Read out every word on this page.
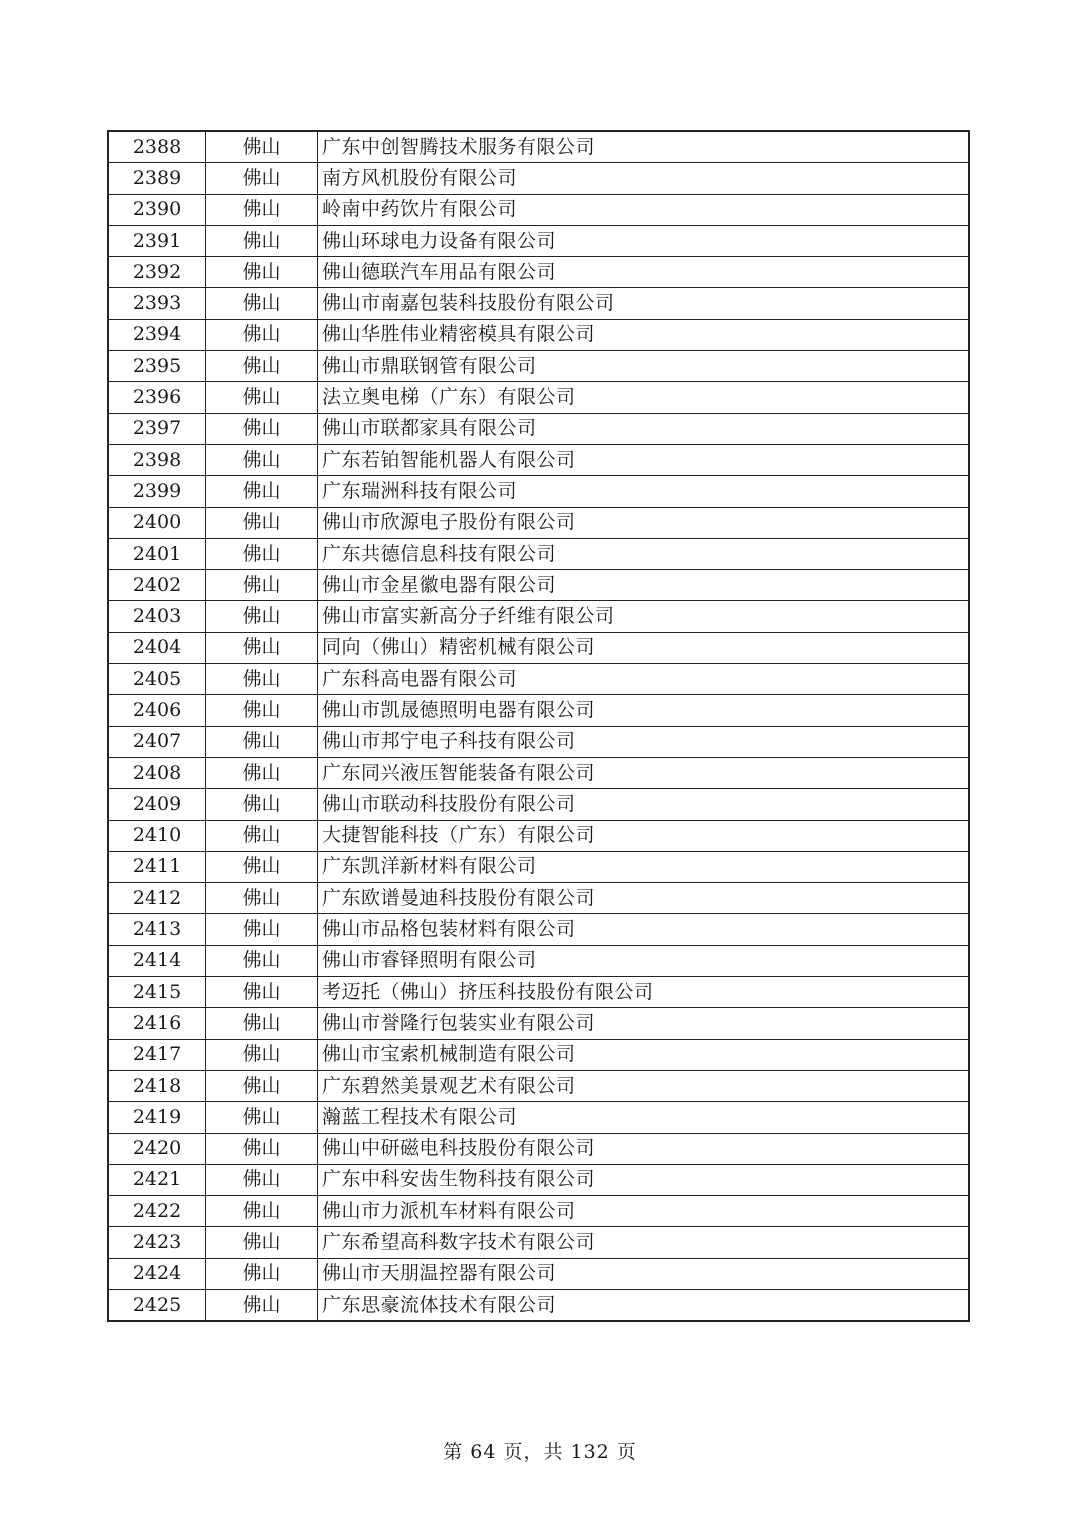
2388	佛山	广东中创智腾技术服务有限公司
2389	佛山	南方风机股份有限公司
2390	佛山	岭南中药饮片有限公司
2391	佛山	佛山环球电力设备有限公司
2392	佛山	佛山德联汽车用品有限公司
2393	佛山	佛山市南嘉包装科技股份有限公司
2394	佛山	佛山华胜伟业精密模具有限公司
2395	佛山	佛山市鼎联钢管有限公司
2396	佛山	法立奥电梯（广东）有限公司
2397	佛山	佛山市联都家具有限公司
2398	佛山	广东若铂智能机器人有限公司
2399	佛山	广东瑞洲科技有限公司
2400	佛山	佛山市欣源电子股份有限公司
2401	佛山	广东共德信息科技有限公司
2402	佛山	佛山市金星徽电器有限公司
2403	佛山	佛山市富实新高分子纤维有限公司
2404	佛山	同向（佛山）精密机械有限公司
2405	佛山	广东科高电器有限公司
2406	佛山	佛山市凯晟德照明电器有限公司
2407	佛山	佛山市邦宁电子科技有限公司
2408	佛山	广东同兴液压智能装备有限公司
2409	佛山	佛山市联动科技股份有限公司
2410	佛山	大捷智能科技（广东）有限公司
2411	佛山	广东凯洋新材料有限公司
2412	佛山	广东欧谱曼迪科技股份有限公司
2413	佛山	佛山市品格包装材料有限公司
2414	佛山	佛山市睿铎照明有限公司
2415	佛山	考迈托（佛山）挤压科技股份有限公司
2416	佛山	佛山市誉隆行包装实业有限公司
2417	佛山	佛山市宝索机械制造有限公司
2418	佛山	广东碧然美景观艺术有限公司
2419	佛山	瀚蓝工程技术有限公司
2420	佛山	佛山中研磁电科技股份有限公司
2421	佛山	广东中科安齿生物科技有限公司
2422	佛山	佛山市力派机车材料有限公司
2423	佛山	广东希望高科数字技术有限公司
2424	佛山	佛山市天朋温控器有限公司
2425	佛山	广东思豪流体技术有限公司
第 64 页，共 132 页
